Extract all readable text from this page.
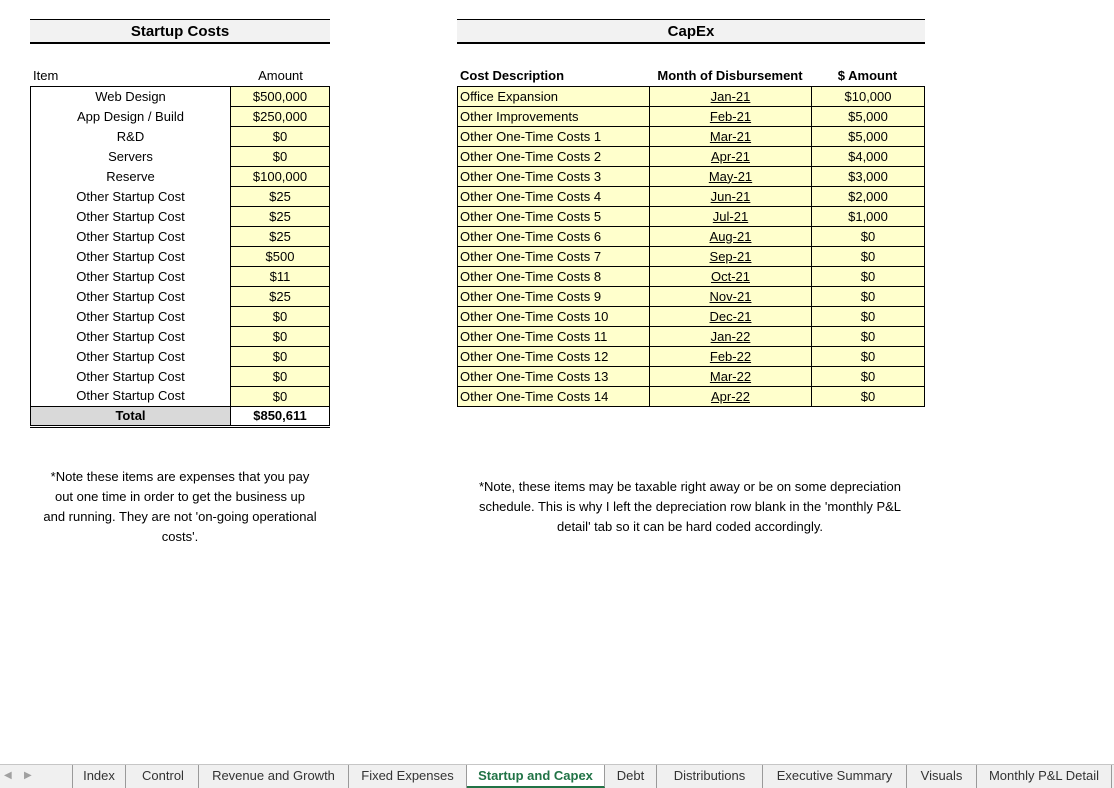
Startup Costs
Item	Amount
Web Design	$500,000
App Design / Build	$250,000
R&D	$0
Servers	$0
Reserve	$100,000
Other Startup Cost	$25
Other Startup Cost	$25
Other Startup Cost	$25
Other Startup Cost	$500
Other Startup Cost	$11
Other Startup Cost	$25
Other Startup Cost	$0
Other Startup Cost	$0
Other Startup Cost	$0
Other Startup Cost	$0
Other Startup Cost	$0
Total	$850,611
*Note these items are expenses that you pay
out one time in order to get the business up
and running. They are not 'on-going operational
costs'.
CapEx
Cost Description	Month of Disbursement	$ Amount
Office Expansion	Jan-21	$10,000
Other Improvements	Feb-21	$5,000
Other One-Time Costs 1	Mar-21	$5,000
Other One-Time Costs 2	Apr-21	$4,000
Other One-Time Costs 3	May-21	$3,000
Other One-Time Costs 4	Jun-21	$2,000
Other One-Time Costs 5	Jul-21	$1,000
Other One-Time Costs 6	Aug-21	$0
Other One-Time Costs 7	Sep-21	$0
Other One-Time Costs 8	Oct-21	$0
Other One-Time Costs 9	Nov-21	$0
Other One-Time Costs 10	Dec-21	$0
Other One-Time Costs 11	Jan-22	$0
Other One-Time Costs 12	Feb-22	$0
Other One-Time Costs 13	Mar-22	$0
Other One-Time Costs 14	Apr-22	$0
*Note, these items may be taxable right away or be on some depreciation
schedule. This is why I left the depreciation row blank in the 'monthly P&L
detail' tab so it can be hard coded accordingly.
◀ ▶	Index	Control	Revenue and Growth	Fixed Expenses	Startup and Capex	Debt	Distributions	Executive Summary	Visuals	Monthly P&L Detail
